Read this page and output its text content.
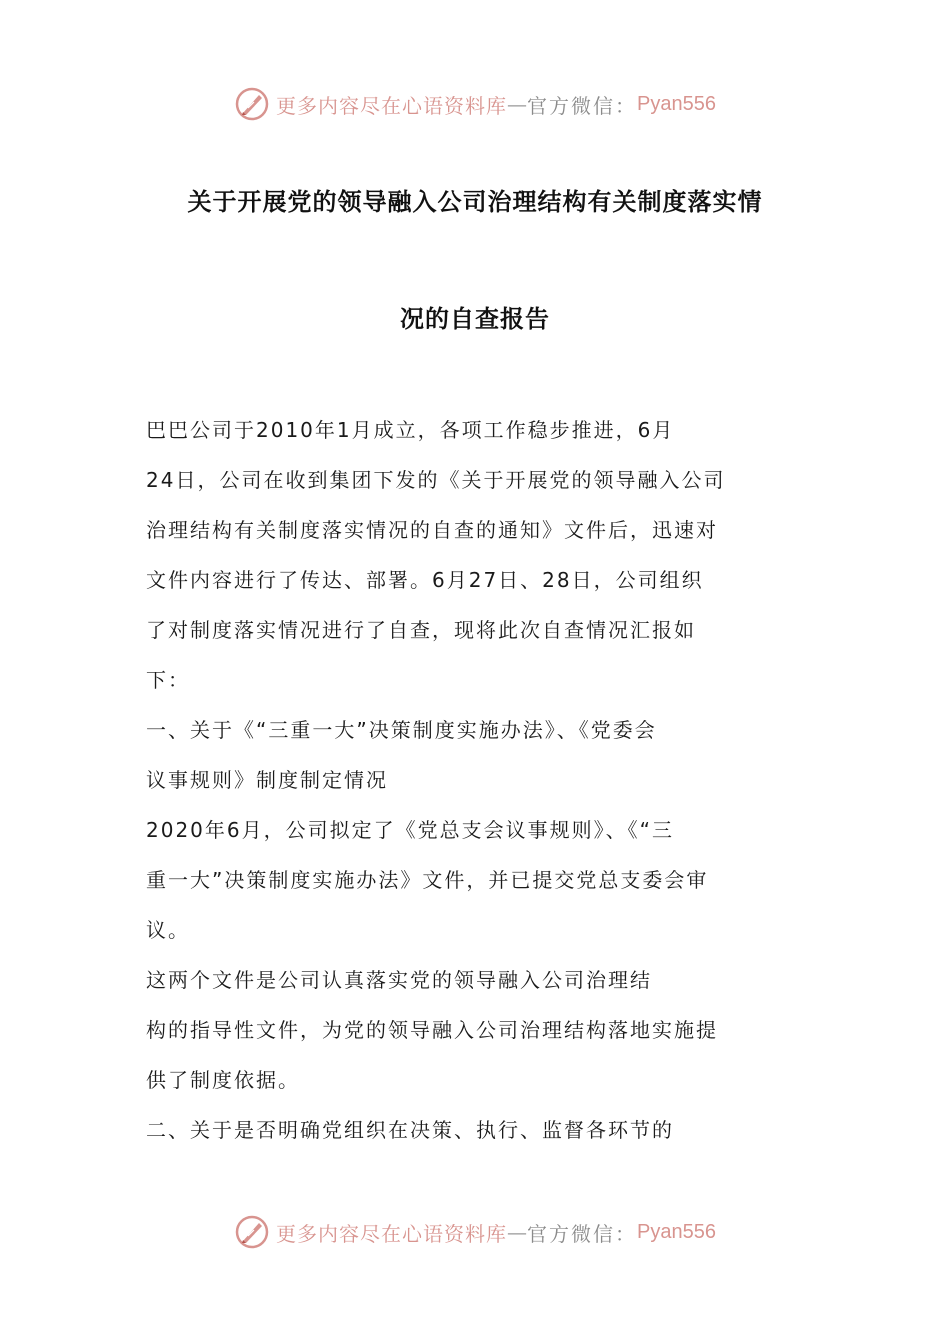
更多内容尽在心语资料库 — 官方微信： Pyan556
关于开展党的领导融入公司治理结构有关制度落实情
况的自查报告
巴巴公司于2010年1月成立，各项工作稳步推进，6月
24日，公司在收到集团下发的《关于开展党的领导融入公司
治理结构有关制度落实情况的自查的通知》文件后，迅速对
文件内容进行了传达、部署。6月27日、28日，公司组织
了对制度落实情况进行了自查，现将此次自查情况汇报如
下：
一、关于《“三重一大”决策制度实施办法》、《党委会
议事规则》制度制定情况
2020年6月，公司拟定了《党总支会议事规则》、《“三
重一大”决策制度实施办法》文件，并已提交党总支委会审
议。
这两个文件是公司认真落实党的领导融入公司治理结
构的指导性文件，为党的领导融入公司治理结构落地实施提
供了制度依据。
二、关于是否明确党组织在决策、执行、监督各环节的
更多内容尽在心语资料库 — 官方微信： Pyan556
